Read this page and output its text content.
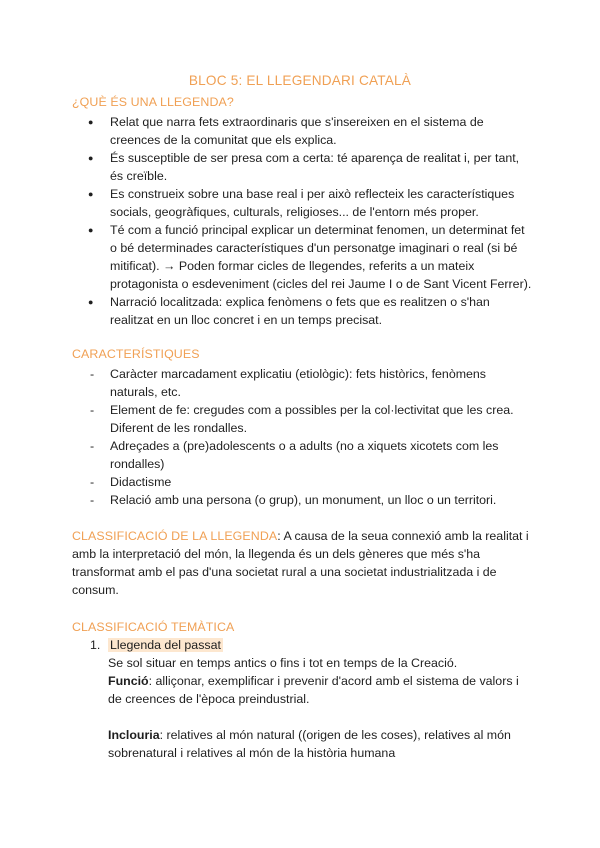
BLOC 5: EL LLEGENDARI CATALÀ
¿QUÈ ÉS UNA LLEGENDA?
● Relat que narra fets extraordinaris que s'insereixen en el sistema de creences de la comunitat que els explica.
● És susceptible de ser presa com a certa: té aparença de realitat i, per tant, és creïble.
● Es construeix sobre una base real i per això reflecteix les característiques socials, geogràfiques, culturals, religioses... de l'entorn més proper.
● Té com a funció principal explicar un determinat fenomen, un determinat fet o bé determinades característiques d'un personatge imaginari o real (si bé mitificat). → Poden formar cicles de llegendes, referits a un mateix protagonista o esdeveniment (cicles del rei Jaume I o de Sant Vicent Ferrer).
● Narració localitzada: explica fenòmens o fets que es realitzen o s'han realitzat en un lloc concret i en un temps precisat.
CARACTERÍSTIQUES
- Caràcter marcadament explicatiu (etiològic): fets històrics, fenòmens naturals, etc.
- Element de fe: cregudes com a possibles per la col·lectivitat que les crea. Diferent de les rondalles.
- Adreçades a (pre)adolescents o a adults (no a xiquets xicotets com les rondalles)
- Didactisme
- Relació amb una persona (o grup), un monument, un lloc o un territori.
CLASSIFICACIÓ DE LA LLEGENDA: A causa de la seua connexió amb la realitat i amb la interpretació del món, la llegenda és un dels gèneres que més s'ha transformat amb el pas d'una societat rural a una societat industrialitzada i de consum.
CLASSIFICACIÓ TEMÀTICA
1. Llegenda del passat
Se sol situar en temps antics o fins i tot en temps de la Creació.
Funció: alliçonar, exemplificar i prevenir d'acord amb el sistema de valors i de creences de l'època preindustrial.
Inclouria: relatives al món natural ((origen de les coses), relatives al món sobrenatural i relatives al món de la història humana
